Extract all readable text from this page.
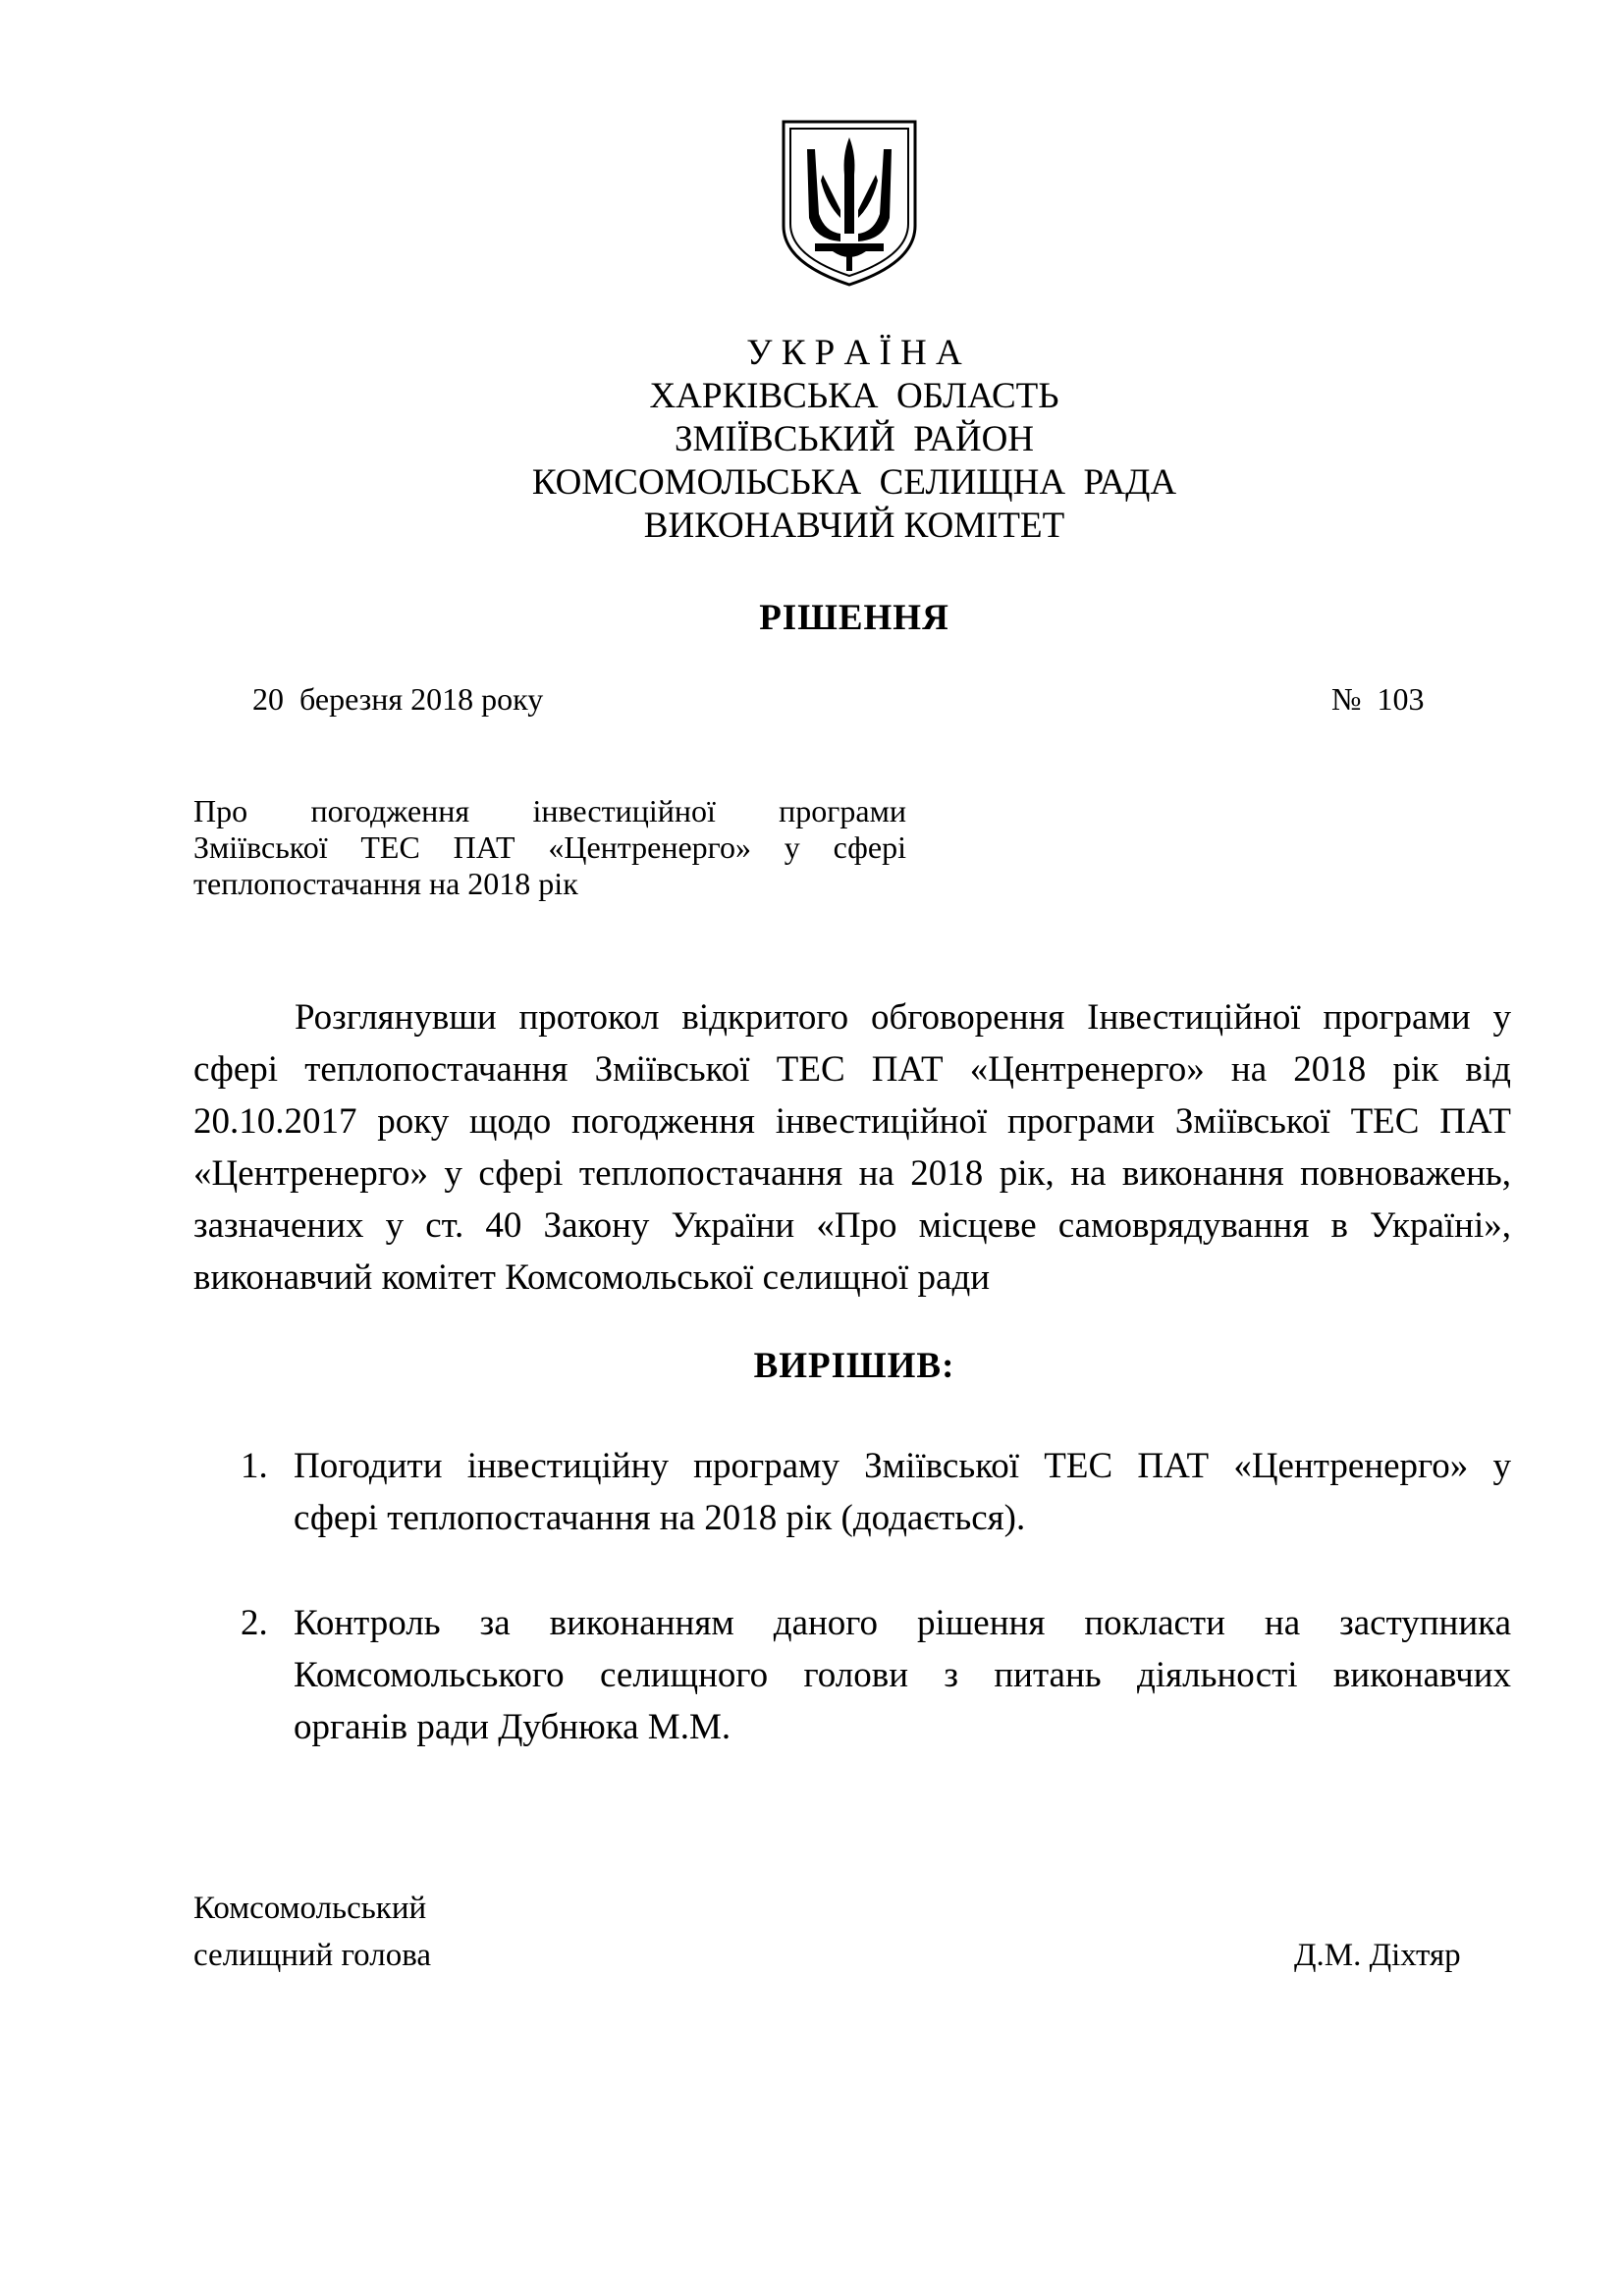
У К Р А Ї Н А
ХАРКІВСЬКА  ОБЛАСТЬ
ЗМІЇВСЬКИЙ  РАЙОН
КОМСОМОЛЬСЬКА  СЕЛИЩНА  РАДА
ВИКОНАВЧИЙ КОМІТЕТ
РІШЕННЯ
20  березня 2018 року	№  103
Про погодження інвестиційної програми
Зміївської ТЕС ПАТ «Центренерго» у сфері
теплопостачання на 2018 рік
Розглянувши протокол відкритого обговорення Інвестиційної програми у
сфері теплопостачання Зміївської ТЕС ПАТ «Центренерго» на 2018 рік від
20.10.2017 року щодо погодження інвестиційної програми Зміївської ТЕС ПАТ
«Центренерго» у сфері теплопостачання на 2018 рік, на виконання повноважень,
зазначених у ст. 40 Закону України «Про місцеве самоврядування в Україні»,
виконавчий комітет Комсомольської селищної ради
ВИРІШИВ:
1. Погодити інвестиційну програму Зміївської ТЕС ПАТ «Центренерго» у
сфері теплопостачання на 2018 рік (додається).
2. Контроль за виконанням даного рішення покласти на заступника
Комсомольського селищного голови з питань діяльності виконавчих
органів ради Дубнюка М.М.
Комсомольський
селищний голова	Д.М. Діхтяр
